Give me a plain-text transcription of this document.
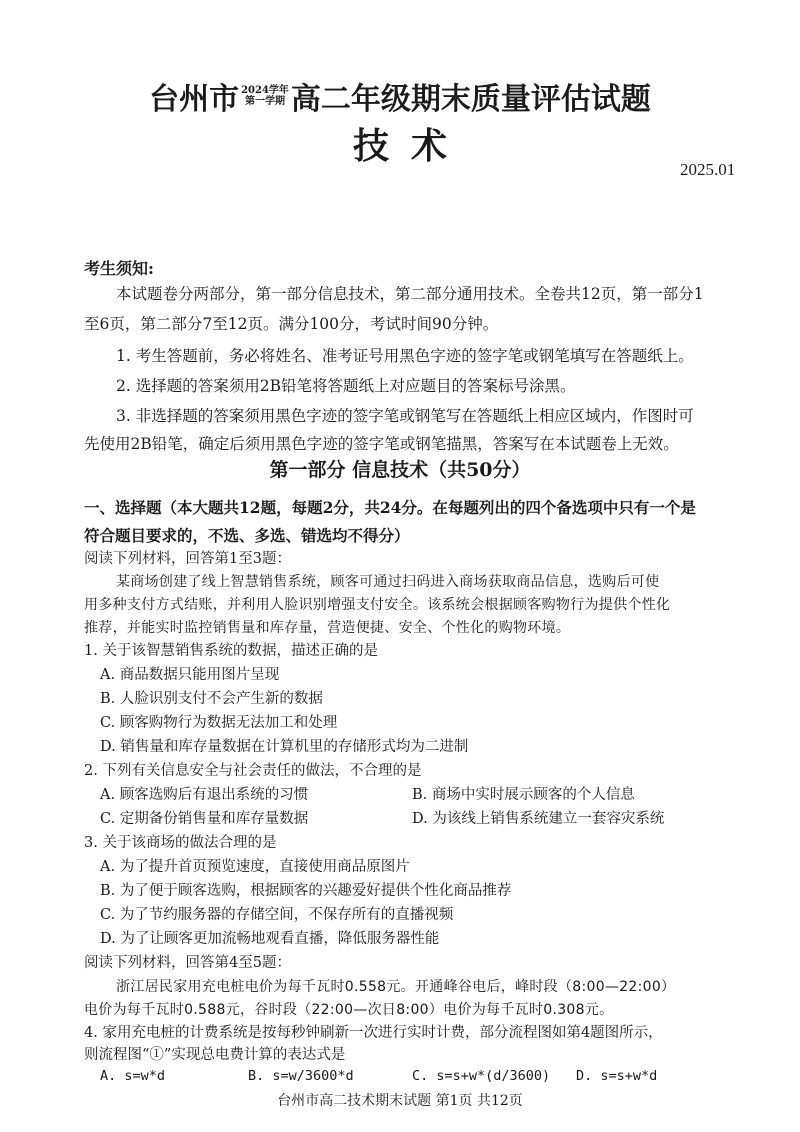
台州市 2024学年
第一学期 高二年级期末质量评估试题
技术
2025.01
考生须知:
本试题卷分两部分，第一部分信息技术，第二部分通用技术。全卷共12页，第一部分1
至6页，第二部分7至12页。满分100分，考试时间90分钟。
1. 考生答题前，务必将姓名、准考证号用黑色字迹的签字笔或钢笔填写在答题纸上。
2. 选择题的答案须用2B铅笔将答题纸上对应题目的答案标号涂黑。
3. 非选择题的答案须用黑色字迹的签字笔或钢笔写在答题纸上相应区域内，作图时可
先使用2B铅笔，确定后须用黑色字迹的签字笔或钢笔描黑，答案写在本试题卷上无效。
第一部分 信息技术（共50分）
一、选择题（本大题共12题，每题2分，共24分。在每题列出的四个备选项中只有一个是
符合题目要求的，不选、多选、错选均不得分）
阅读下列材料，回答第1至3题：
某商场创建了线上智慧销售系统，顾客可通过扫码进入商场获取商品信息，选购后可使
用多种支付方式结账，并利用人脸识别增强支付安全。该系统会根据顾客购物行为提供个性化
推荐，并能实时监控销售量和库存量，营造便捷、安全、个性化的购物环境。
1. 关于该智慧销售系统的数据，描述正确的是
A. 商品数据只能用图片呈现
B. 人脸识别支付不会产生新的数据
C. 顾客购物行为数据无法加工和处理
D. 销售量和库存量数据在计算机里的存储形式均为二进制
2. 下列有关信息安全与社会责任的做法，不合理的是
A. 顾客选购后有退出系统的习惯	B. 商场中实时展示顾客的个人信息
C. 定期备份销售量和库存量数据	D. 为该线上销售系统建立一套容灾系统
3. 关于该商场的做法合理的是
A. 为了提升首页预览速度，直接使用商品原图片
B. 为了便于顾客选购，根据顾客的兴趣爱好提供个性化商品推荐
C. 为了节约服务器的存储空间，不保存所有的直播视频
D. 为了让顾客更加流畅地观看直播，降低服务器性能
阅读下列材料，回答第4至5题：
浙江居民家用充电桩电价为每千瓦时0.558元。开通峰谷电后，峰时段（8:00—22:00）
电价为每千瓦时0.588元，谷时段（22:00—次日8:00）电价为每千瓦时0.308元。
4. 家用充电桩的计费系统是按每秒钟刷新一次进行实时计费，部分流程图如第4题图所示，
则流程图“①”实现总电费计算的表达式是
A. s=w*d	B. s=w/3600*d	C. s=s+w*(d/3600) D. s=s+w*d
台州市高二技术期末试题 第1页 共12页
